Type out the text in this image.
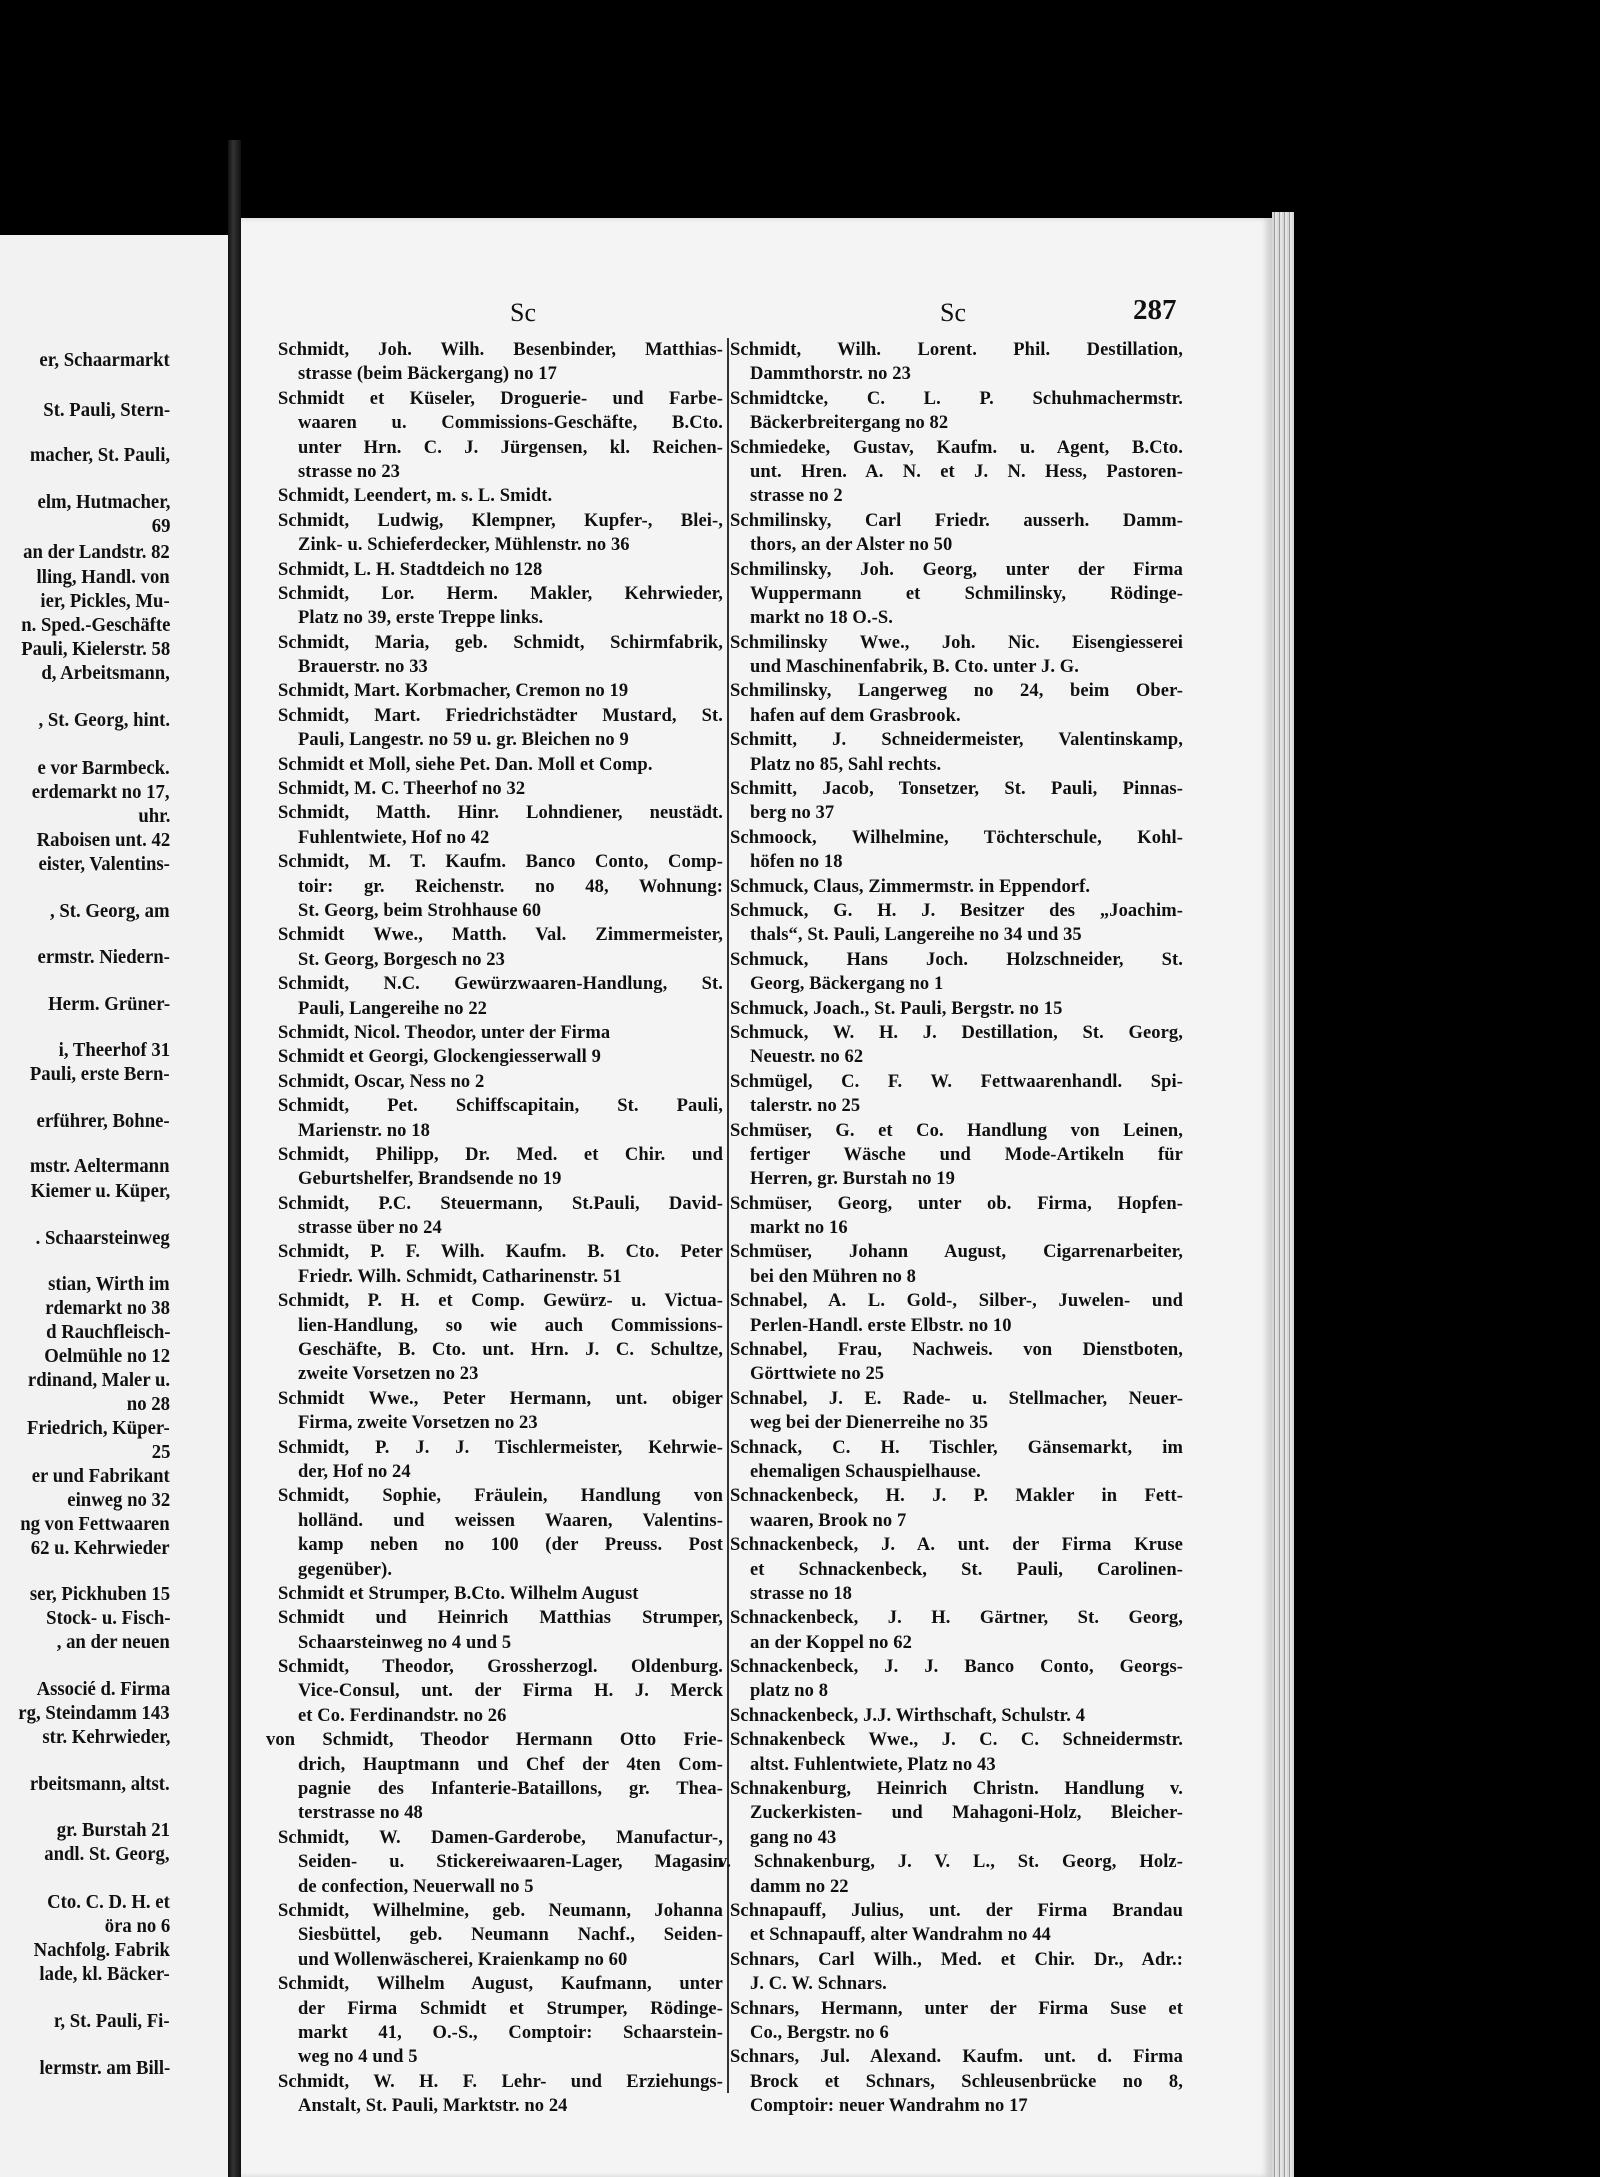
er, Schaarmarkt
St. Pauli, Stern-
macher, St. Pauli,
elm, Hutmacher,
69
an der Landstr. 82
lling, Handl. von
ier, Pickles, Mu-
n. Sped.-Geschäfte
Pauli, Kielerstr. 58
d, Arbeitsmann,
, St. Georg, hint.
e vor Barmbeck.
erdemarkt no 17,
uhr.
Raboisen unt. 42
eister, Valentins-
, St. Georg, am
ermstr. Niedern-
Herm. Grüner-
i, Theerhof 31
Pauli, erste Bern-
erführer, Bohne-
mstr. Aeltermann
Kiemer u. Küper,
. Schaarsteinweg
stian, Wirth im
rdemarkt no 38
d Rauchfleisch-
Oelmühle no 12
rdinand, Maler u.
no 28
Friedrich, Küper-
25
er und Fabrikant
einweg no 32
ng von Fettwaaren
62 u. Kehrwieder
ser, Pickhuben 15
Stock- u. Fisch-
, an der neuen
Associé d. Firma
rg, Steindamm 143
str. Kehrwieder,
rbeitsmann, altst.
gr. Burstah 21
andl. St. Georg,
Cto. C. D. H. et
öra no 6
Nachfolg. Fabrik
lade, kl. Bäcker-
r, St. Pauli, Fi-
lermstr. am Bill-
Sc	Sc	287
Schmidt, Joh. Wilh. Besenbinder, Matthias-
strasse (beim Bäckergang) no 17
Schmidt et Küseler, Droguerie- und Farbe-
waaren u. Commissions-Geschäfte, B.Cto.
unter Hrn. C. J. Jürgensen, kl. Reichen-
strasse no 23
Schmidt, Leendert, m. s. L. Smidt.
Schmidt, Ludwig, Klempner, Kupfer-, Blei-,
Zink- u. Schieferdecker, Mühlenstr. no 36
Schmidt, L. H. Stadtdeich no 128
Schmidt, Lor. Herm. Makler, Kehrwieder,
Platz no 39, erste Treppe links.
Schmidt, Maria, geb. Schmidt, Schirmfabrik,
Brauerstr. no 33
Schmidt, Mart. Korbmacher, Cremon no 19
Schmidt, Mart. Friedrichstädter Mustard, St.
Pauli, Langestr. no 59 u. gr. Bleichen no 9
Schmidt et Moll, siehe Pet. Dan. Moll et Comp.
Schmidt, M. C. Theerhof no 32
Schmidt, Matth. Hinr. Lohndiener, neustädt.
Fuhlentwiete, Hof no 42
Schmidt, M. T. Kaufm. Banco Conto, Comp-
toir: gr. Reichenstr. no 48, Wohnung:
St. Georg, beim Strohhause 60
Schmidt Wwe., Matth. Val. Zimmermeister,
St. Georg, Borgesch no 23
Schmidt, N.C. Gewürzwaaren-Handlung, St.
Pauli, Langereihe no 22
Schmidt, Nicol. Theodor, unter der Firma
Schmidt et Georgi, Glockengiesserwall 9
Schmidt, Oscar, Ness no 2
Schmidt, Pet. Schiffscapitain, St. Pauli,
Marienstr. no 18
Schmidt, Philipp, Dr. Med. et Chir. und
Geburtshelfer, Brandsende no 19
Schmidt, P.C. Steuermann, St.Pauli, David-
strasse über no 24
Schmidt, P. F. Wilh. Kaufm. B. Cto. Peter
Friedr. Wilh. Schmidt, Catharinenstr. 51
Schmidt, P. H. et Comp. Gewürz- u. Victua-
lien-Handlung, so wie auch Commissions-
Geschäfte, B. Cto. unt. Hrn. J. C. Schultze,
zweite Vorsetzen no 23
Schmidt Wwe., Peter Hermann, unt. obiger
Firma, zweite Vorsetzen no 23
Schmidt, P. J. J. Tischlermeister, Kehrwie-
der, Hof no 24
Schmidt, Sophie, Fräulein, Handlung von
holländ. und weissen Waaren, Valentins-
kamp neben no 100 (der Preuss. Post
gegenüber).
Schmidt et Strumper, B.Cto. Wilhelm August
Schmidt und Heinrich Matthias Strumper,
Schaarsteinweg no 4 und 5
Schmidt, Theodor, Grossherzogl. Oldenburg.
Vice-Consul, unt. der Firma H. J. Merck
et Co. Ferdinandstr. no 26
von Schmidt, Theodor Hermann Otto Frie-
drich, Hauptmann und Chef der 4ten Com-
pagnie des Infanterie-Bataillons, gr. Thea-
terstrasse no 48
Schmidt, W. Damen-Garderobe, Manufactur-,
Seiden- u. Stickereiwaaren-Lager, Magasin
de confection, Neuerwall no 5
Schmidt, Wilhelmine, geb. Neumann, Johanna
Siesbüttel, geb. Neumann Nachf., Seiden-
und Wollenwäscherei, Kraienkamp no 60
Schmidt, Wilhelm August, Kaufmann, unter
der Firma Schmidt et Strumper, Rödinge-
markt 41, O.-S., Comptoir: Schaarstein-
weg no 4 und 5
Schmidt, W. H. F. Lehr- und Erziehungs-
Anstalt, St. Pauli, Marktstr. no 24
Schmidt, Wilh. Lorent. Phil. Destillation,
Dammthorstr. no 23
Schmidtcke, C. L. P. Schuhmachermstr.
Bäckerbreitergang no 82
Schmiedeke, Gustav, Kaufm. u. Agent, B.Cto.
unt. Hren. A. N. et J. N. Hess, Pastoren-
strasse no 2
Schmilinsky, Carl Friedr. ausserh. Damm-
thors, an der Alster no 50
Schmilinsky, Joh. Georg, unter der Firma
Wuppermann et Schmilinsky, Rödinge-
markt no 18 O.-S.
Schmilinsky Wwe., Joh. Nic. Eisengiesserei
und Maschinenfabrik, B. Cto. unter J. G.
Schmilinsky, Langerweg no 24, beim Ober-
hafen auf dem Grasbrook.
Schmitt, J. Schneidermeister, Valentinskamp,
Platz no 85, Sahl rechts.
Schmitt, Jacob, Tonsetzer, St. Pauli, Pinnas-
berg no 37
Schmoock, Wilhelmine, Töchterschule, Kohl-
höfen no 18
Schmuck, Claus, Zimmermstr. in Eppendorf.
Schmuck, G. H. J. Besitzer des „Joachim-
thals“, St. Pauli, Langereihe no 34 und 35
Schmuck, Hans Joch. Holzschneider, St.
Georg, Bäckergang no 1
Schmuck, Joach., St. Pauli, Bergstr. no 15
Schmuck, W. H. J. Destillation, St. Georg,
Neuestr. no 62
Schmügel, C. F. W. Fettwaarenhandl. Spi-
talerstr. no 25
Schmüser, G. et Co. Handlung von Leinen,
fertiger Wäsche und Mode-Artikeln für
Herren, gr. Burstah no 19
Schmüser, Georg, unter ob. Firma, Hopfen-
markt no 16
Schmüser, Johann August, Cigarrenarbeiter,
bei den Mühren no 8
Schnabel, A. L. Gold-, Silber-, Juwelen- und
Perlen-Handl. erste Elbstr. no 10
Schnabel, Frau, Nachweis. von Dienstboten,
Görttwiete no 25
Schnabel, J. E. Rade- u. Stellmacher, Neuer-
weg bei der Dienerreihe no 35
Schnack, C. H. Tischler, Gänsemarkt, im
ehemaligen Schauspielhause.
Schnackenbeck, H. J. P. Makler in Fett-
waaren, Brook no 7
Schnackenbeck, J. A. unt. der Firma Kruse
et Schnackenbeck, St. Pauli, Carolinen-
strasse no 18
Schnackenbeck, J. H. Gärtner, St. Georg,
an der Koppel no 62
Schnackenbeck, J. J. Banco Conto, Georgs-
platz no 8
Schnackenbeck, J.J. Wirthschaft, Schulstr. 4
Schnakenbeck Wwe., J. C. C. Schneidermstr.
altst. Fuhlentwiete, Platz no 43
Schnakenburg, Heinrich Christn. Handlung v.
Zuckerkisten- und Mahagoni-Holz, Bleicher-
gang no 43
v. Schnakenburg, J. V. L., St. Georg, Holz-
damm no 22
Schnapauff, Julius, unt. der Firma Brandau
et Schnapauff, alter Wandrahm no 44
Schnars, Carl Wilh., Med. et Chir. Dr., Adr.:
J. C. W. Schnars.
Schnars, Hermann, unter der Firma Suse et
Co., Bergstr. no 6
Schnars, Jul. Alexand. Kaufm. unt. d. Firma
Brock et Schnars, Schleusenbrücke no 8,
Comptoir: neuer Wandrahm no 17
